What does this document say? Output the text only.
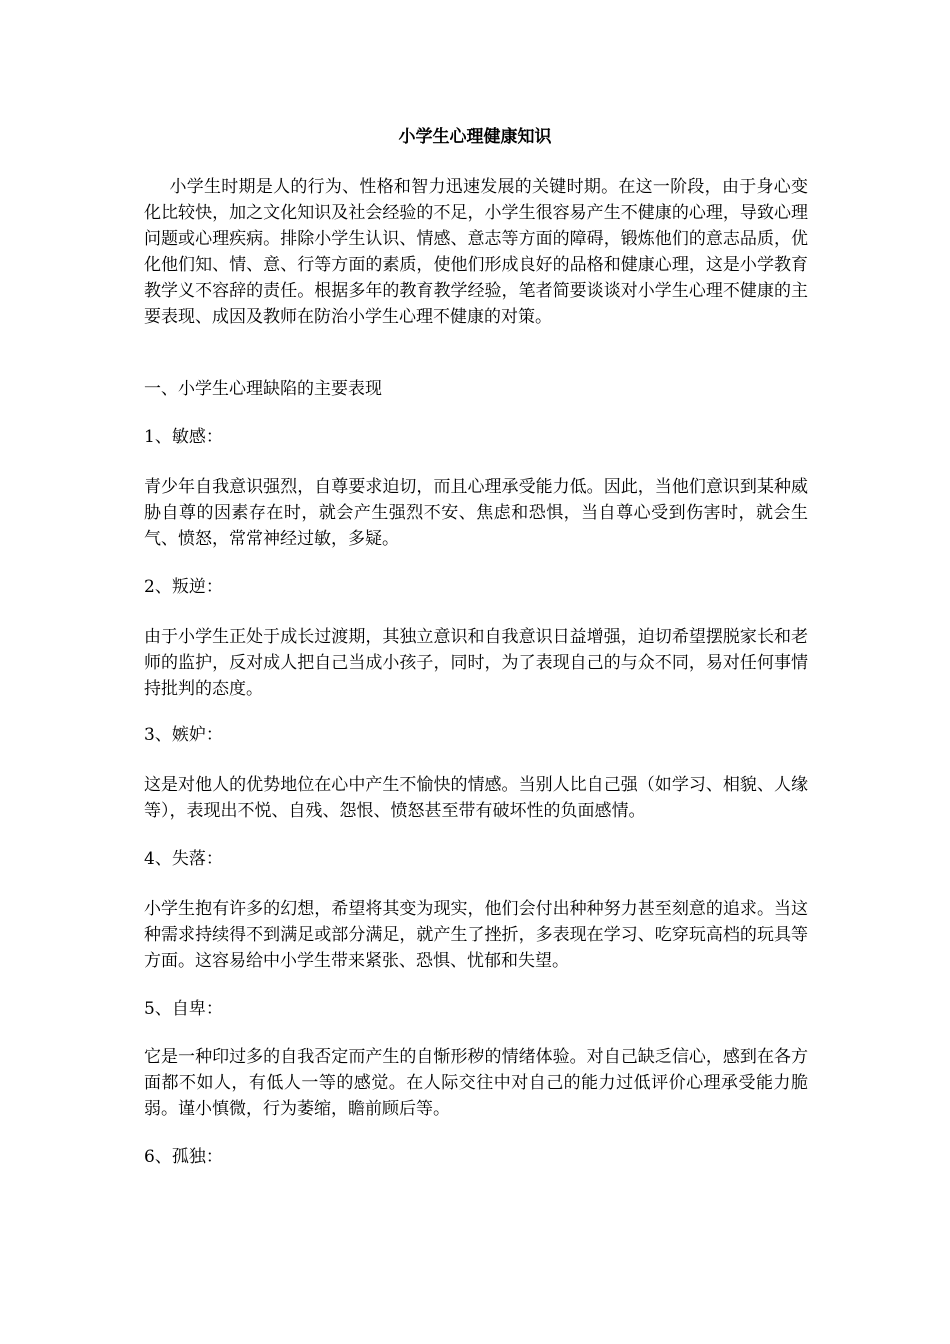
小学生心理健康知识

小学生时期是人的行为、性格和智力迅速发展的关键时期。在这一阶段，由于身心变化比较快，加之文化知识及社会经验的不足，小学生很容易产生不健康的心理，导致心理问题或心理疾病。排除小学生认识、情感、意志等方面的障碍，锻炼他们的意志品质，优化他们知、情、意、行等方面的素质，使他们形成良好的品格和健康心理，这是小学教育教学义不容辞的责任。根据多年的教育教学经验，笔者简要谈谈对小学生心理不健康的主要表现、成因及教师在防治小学生心理不健康的对策。

一、小学生心理缺陷的主要表现

1、敏感：

青少年自我意识强烈，自尊要求迫切，而且心理承受能力低。因此，当他们意识到某种威胁自尊的因素存在时，就会产生强烈不安、焦虑和恐惧，当自尊心受到伤害时，就会生气、愤怒，常常神经过敏，多疑。

2、叛逆：

由于小学生正处于成长过渡期，其独立意识和自我意识日益增强，迫切希望摆脱家长和老师的监护，反对成人把自己当成小孩子，同时，为了表现自己的与众不同，易对任何事情持批判的态度。

3、嫉妒：

这是对他人的优势地位在心中产生不愉快的情感。当别人比自己强（如学习、相貌、人缘等），表现出不悦、自残、怨恨、愤怒甚至带有破坏性的负面感情。

4、失落：

小学生抱有许多的幻想，希望将其变为现实，他们会付出种种努力甚至刻意的追求。当这种需求持续得不到满足或部分满足，就产生了挫折，多表现在学习、吃穿玩高档的玩具等方面。这容易给中小学生带来紧张、恐惧、忧郁和失望。

5、自卑：

它是一种印过多的自我否定而产生的自惭形秽的情绪体验。对自己缺乏信心，感到在各方面都不如人，有低人一等的感觉。在人际交往中对自己的能力过低评价心理承受能力脆弱。谨小慎微，行为萎缩，瞻前顾后等。

6、孤独：
